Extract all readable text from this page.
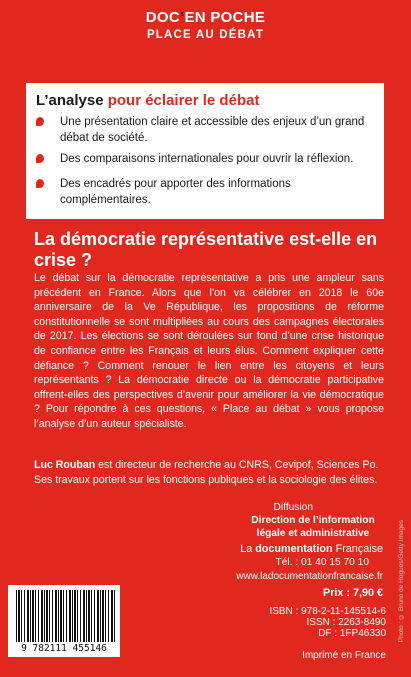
DOC’EN POCHE
PLACE AU DÉBAT
L’analyse pour éclairer le débat
Une présentation claire et accessible des enjeux d’un grand débat de société.
Des comparaisons internationales pour ouvrir la réflexion.
Des encadrés pour apporter des informations complémentaires.
La démocratie représentative est-elle en crise ?

Le débat sur la démocratie représentative a pris une ampleur sans précédent en France. Alors que l’on va célébrer en 2018 le 60e anniversaire de la Ve République, les propositions de réforme constitutionnelle se sont multipliées au cours des campagnes électorales de 2017. Les élections se sont déroulées sur fond d’une crise historique de confiance entre les Français et leurs élus. Comment expliquer cette défiance ? Comment renouer le lien entre les citoyens et leurs représentants ? La démocratie directe ou la démocratie participative offrent-elles des perspectives d’avenir pour améliorer la vie démocratique ? Pour répondre à ces questions, « Place au débat » vous propose l’analyse d’un auteur spécialiste.

Luc Rouban est directeur de recherche au CNRS, Cevipof, Sciences Po. Ses travaux portent sur les fonctions publiques et la sociologie des élites.

Diffusion
Direction de l’information légale et administrative
La documentation Française
Tél. : 01 40 15 70 10
www.ladocumentationfrancaise.fr
Prix : 7,90 €
ISBN : 978-2-11-145514-6
ISSN : 2263-8490
DF : 1FP46330
Imprimé en France
Photo : © Bruno de Hogues/Getty Images
9 782111 455146
